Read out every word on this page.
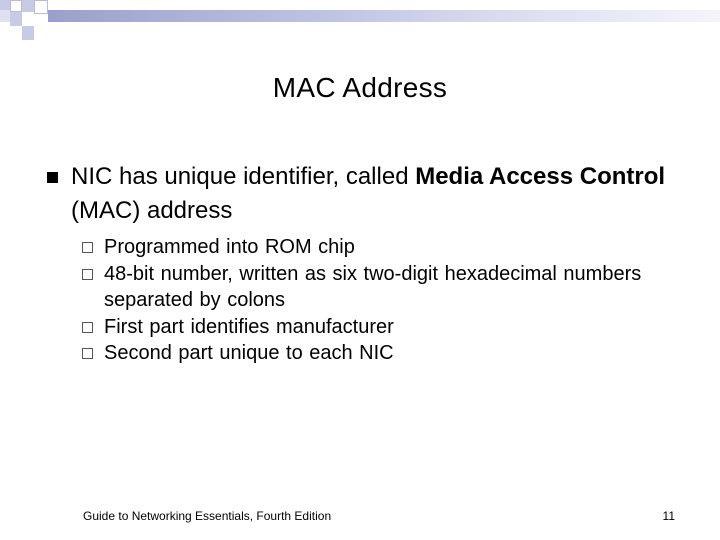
MAC Address
NIC has unique identifier, called Media Access Control (MAC) address
Programmed into ROM chip
48-bit number, written as six two-digit hexadecimal numbers separated by colons
First part identifies manufacturer
Second part unique to each NIC
Guide to Networking Essentials, Fourth Edition	11
